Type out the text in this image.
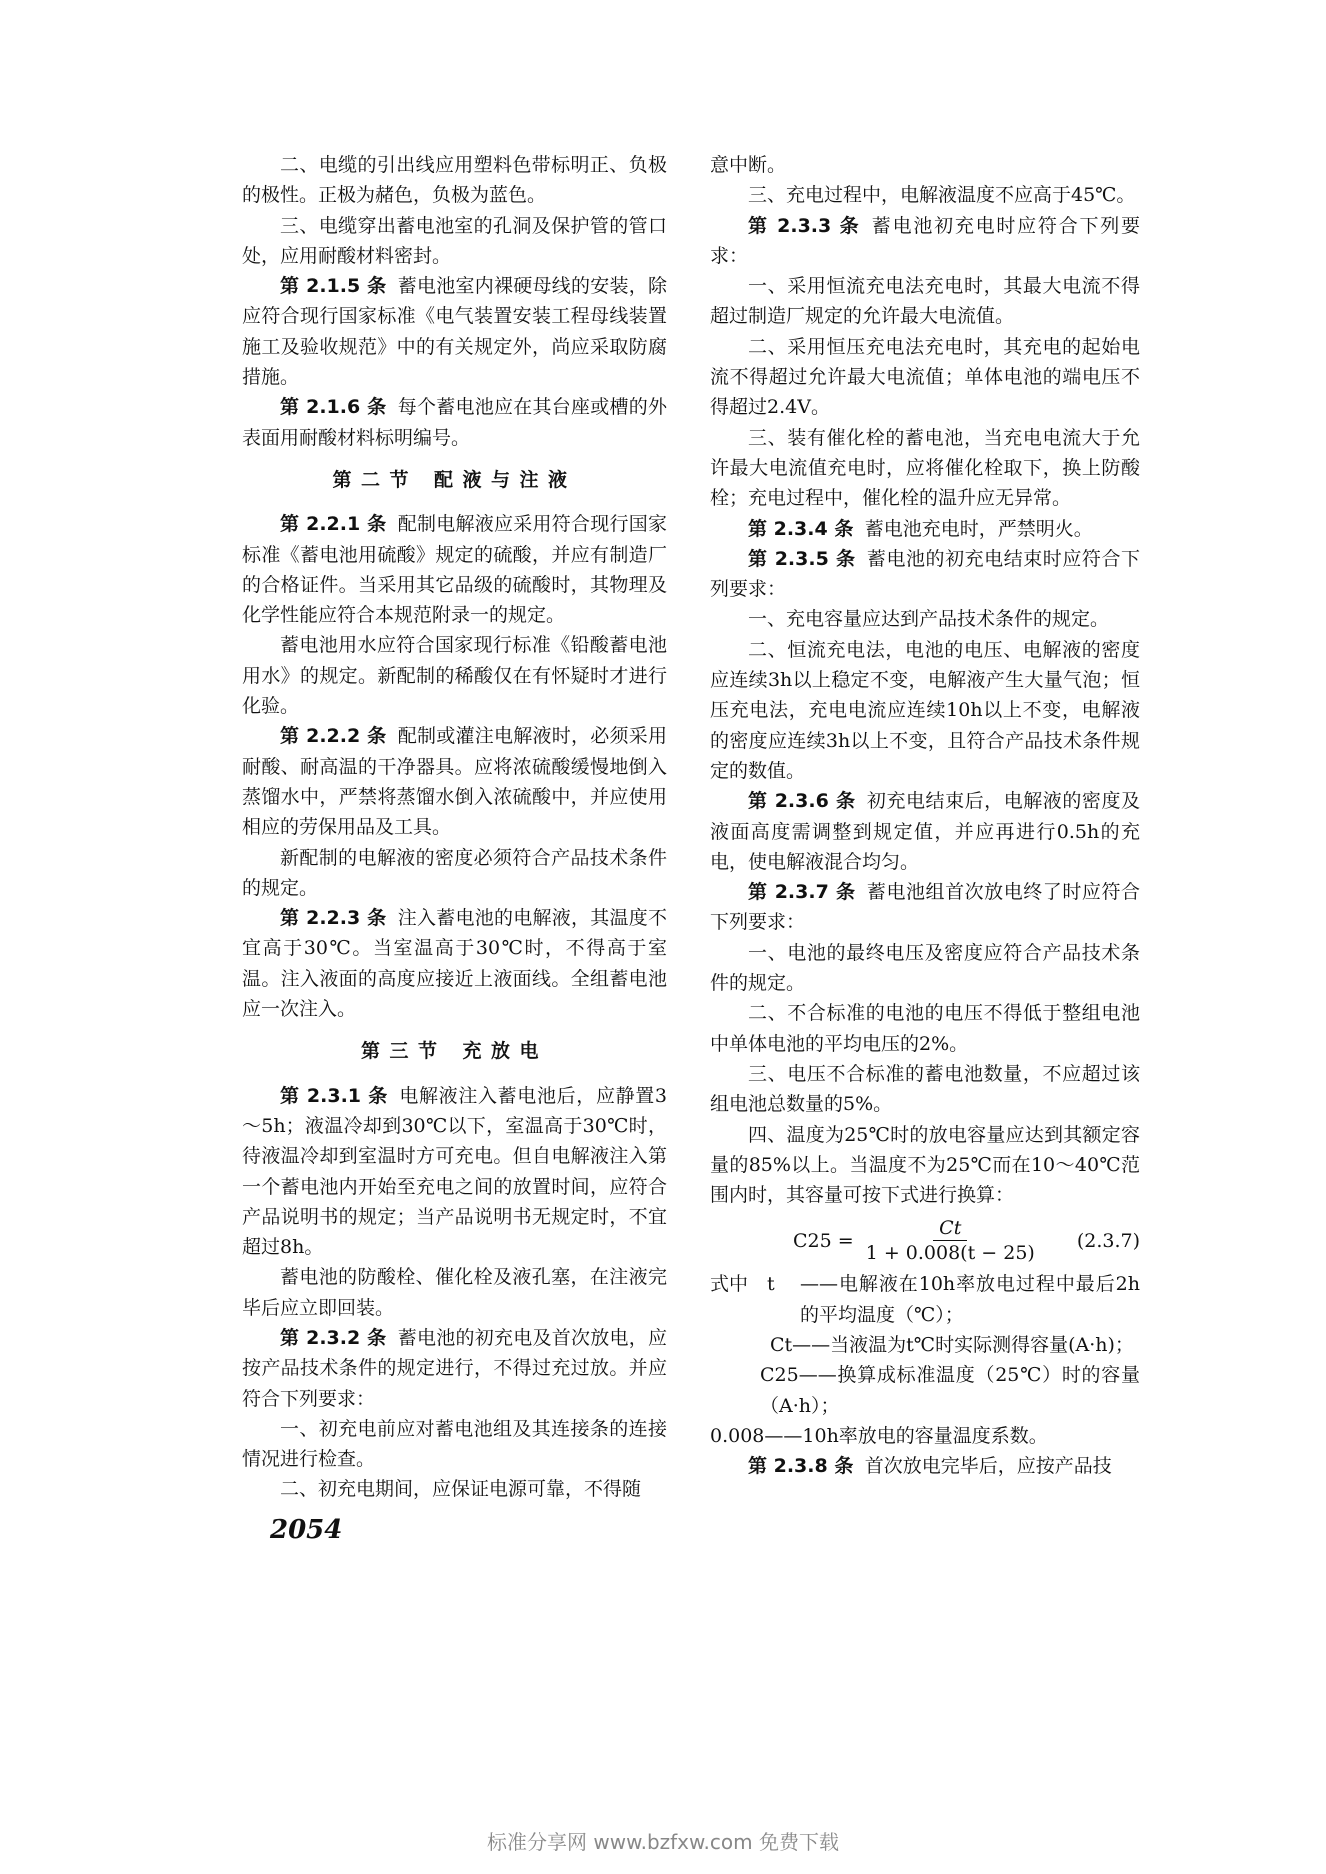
二、电缆的引出线应用塑料色带标明正、负极的极性。正极为赭色，负极为蓝色。

三、电缆穿出蓄电池室的孔洞及保护管的管口处，应用耐酸材料密封。

第 2.1.5 条 蓄电池室内裸硬母线的安装，除应符合现行国家标准《电气装置安装工程母线装置施工及验收规范》中的有关规定外，尚应采取防腐措施。

第 2.1.6 条 每个蓄电池应在其台座或槽的外表面用耐酸材料标明编号。

第二节 配液与注液

第 2.2.1 条 配制电解液应采用符合现行国家标准《蓄电池用硫酸》规定的硫酸，并应有制造厂的合格证件。当采用其它品级的硫酸时，其物理及化学性能应符合本规范附录一的规定。

蓄电池用水应符合国家现行标准《铅酸蓄电池用水》的规定。新配制的稀酸仅在有怀疑时才进行化验。

第 2.2.2 条 配制或灌注电解液时，必须采用耐酸、耐高温的干净器具。应将浓硫酸缓慢地倒入蒸馏水中，严禁将蒸馏水倒入浓硫酸中，并应使用相应的劳保用品及工具。

新配制的电解液的密度必须符合产品技术条件的规定。

第 2.2.3 条 注入蓄电池的电解液，其温度不宜高于30℃。当室温高于30℃时，不得高于室温。注入液面的高度应接近上液面线。全组蓄电池应一次注入。

第三节 充放电

第 2.3.1 条 电解液注入蓄电池后，应静置3～5h；液温冷却到30℃以下，室温高于30℃时，待液温冷却到室温时方可充电。但自电解液注入第一个蓄电池内开始至充电之间的放置时间，应符合产品说明书的规定；当产品说明书无规定时，不宜超过8h。

蓄电池的防酸栓、催化栓及液孔塞，在注液完毕后应立即回装。

第 2.3.2 条 蓄电池的初充电及首次放电，应按产品技术条件的规定进行，不得过充过放。并应符合下列要求：

一、初充电前应对蓄电池组及其连接条的连接情况进行检查。

二、初充电期间，应保证电源可靠，不得随

意中断。

三、充电过程中，电解液温度不应高于45℃。

第 2.3.3 条 蓄电池初充电时应符合下列要求：

一、采用恒流充电法充电时，其最大电流不得超过制造厂规定的允许最大电流值。

二、采用恒压充电法充电时，其充电的起始电流不得超过允许最大电流值；单体电池的端电压不得超过2.4V。

三、装有催化栓的蓄电池，当充电电流大于允许最大电流值充电时，应将催化栓取下，换上防酸栓；充电过程中，催化栓的温升应无异常。

第 2.3.4 条 蓄电池充电时，严禁明火。

第 2.3.5 条 蓄电池的初充电结束时应符合下列要求：

一、充电容量应达到产品技术条件的规定。

二、恒流充电法，电池的电压、电解液的密度应连续3h以上稳定不变，电解液产生大量气泡；恒压充电法，充电电流应连续10h以上不变，电解液的密度应连续3h以上不变，且符合产品技术条件规定的数值。

第 2.3.6 条 初充电结束后，电解液的密度及液面高度需调整到规定值，并应再进行0.5h的充电，使电解液混合均匀。

第 2.3.7 条 蓄电池组首次放电终了时应符合下列要求：

一、电池的最终电压及密度应符合产品技术条件的规定。

二、不合标准的电池的电压不得低于整组电池中单体电池的平均电压的2%。

三、电压不合标准的蓄电池数量，不应超过该组电池总数量的5%。

四、温度为25℃时的放电容量应达到其额定容量的85%以上。当温度不为25℃而在10～40℃范围内时，其容量可按下式进行换算：

$C25 = \frac{Ct}{1 + 0.008(t - 25)} (2.3.7)$
式中　t	——电解液在10h率放电过程中最后2h的平均温度（℃）；

Ct——当液温为t℃时实际测得容量(A·h)；

C25——换算成标准温度（25℃）时的容量（A·h）；

0.008——10h率放电的容量温度系数。

第 2.3.8 条 首次放电完毕后，应按产品技

2054
标准分享网 www.bzfxw.com 免费下载
